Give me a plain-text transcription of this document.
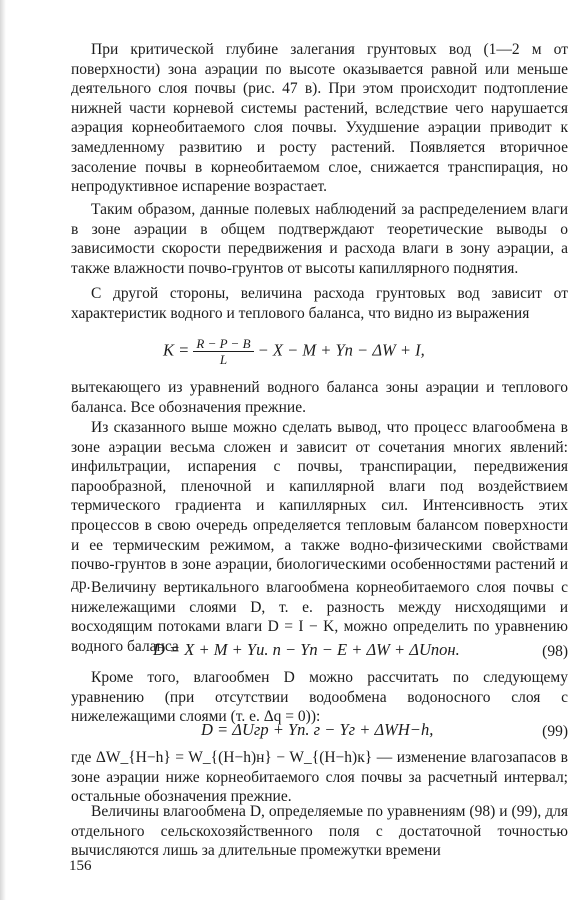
При критической глубине залегания грунтовых вод (1—2 м от поверхности) зона аэрации по высоте оказывается равной или меньше деятельного слоя почвы (рис. 47 в). При этом происходит подтопление нижней части корневой системы растений, вследствие чего нарушается аэрация корнеобитаемого слоя почвы. Ухудшение аэрации приводит к замедленному развитию и росту растений. Появляется вторичное засоление почвы в корнеобитаемом слое, снижается транспирация, но непродуктивное испарение возрастает.

Таким образом, данные полевых наблюдений за распределением влаги в зоне аэрации в общем подтверждают теоретические выводы о зависимости скорости передвижения и расхода влаги в зону аэрации, а также влажности почво-грунтов от высоты капиллярного поднятия.

С другой стороны, величина расхода грунтовых вод зависит от характеристик водного и теплового баланса, что видно из выражения

$K = \frac{R - P - B}{L} - X - M$ + Yп − ΔW + I,

вытекающего из уравнений водного баланса зоны аэрации и теплового баланса. Все обозначения прежние.

Из сказанного выше можно сделать вывод, что процесс влагообмена в зоне аэрации весьма сложен и зависит от сочетания многих явлений: инфильтрации, испарения с почвы, транспирации, передвижения парообразной, пленочной и капиллярной влаги под воздействием термического градиента и капиллярных сил. Интенсивность этих процессов в свою очередь определяется тепловым балансом поверхности и ее термическим режимом, а также водно-физическими свойствами почво-грунтов в зоне аэрации, биологическими особенностями растений и др. Величину вертикального влагообмена корнеобитаемого слоя почвы с нижележащими слоями D, т. е. разность между нисходящими и восходящим потоками влаги D = I − K, можно определить по уравнению водного баланса

D = X + M + Yи. п − Yп − E + ΔW + ΔUпон.	(98)

Кроме того, влагообмен D можно рассчитать по следующему уравнению (при отсутствии водообмена водоносного слоя с нижележащими слоями (т. е. Δq = 0)):

D = ΔUгр + Yп. г − Yг + ΔWH−h,	(99)

где ΔW_{H−h} = W_{(H−h)н} − W_{(H−h)к} — изменение влагозапасов в зоне аэрации ниже корнеобитаемого слоя почвы за расчетный интервал; остальные обозначения прежние.

Величины влагообмена D, определяемые по уравнениям (98) и (99), для отдельного сельскохозяйственного поля с достаточной точностью вычисляются лишь за длительные промежутки времени

156
